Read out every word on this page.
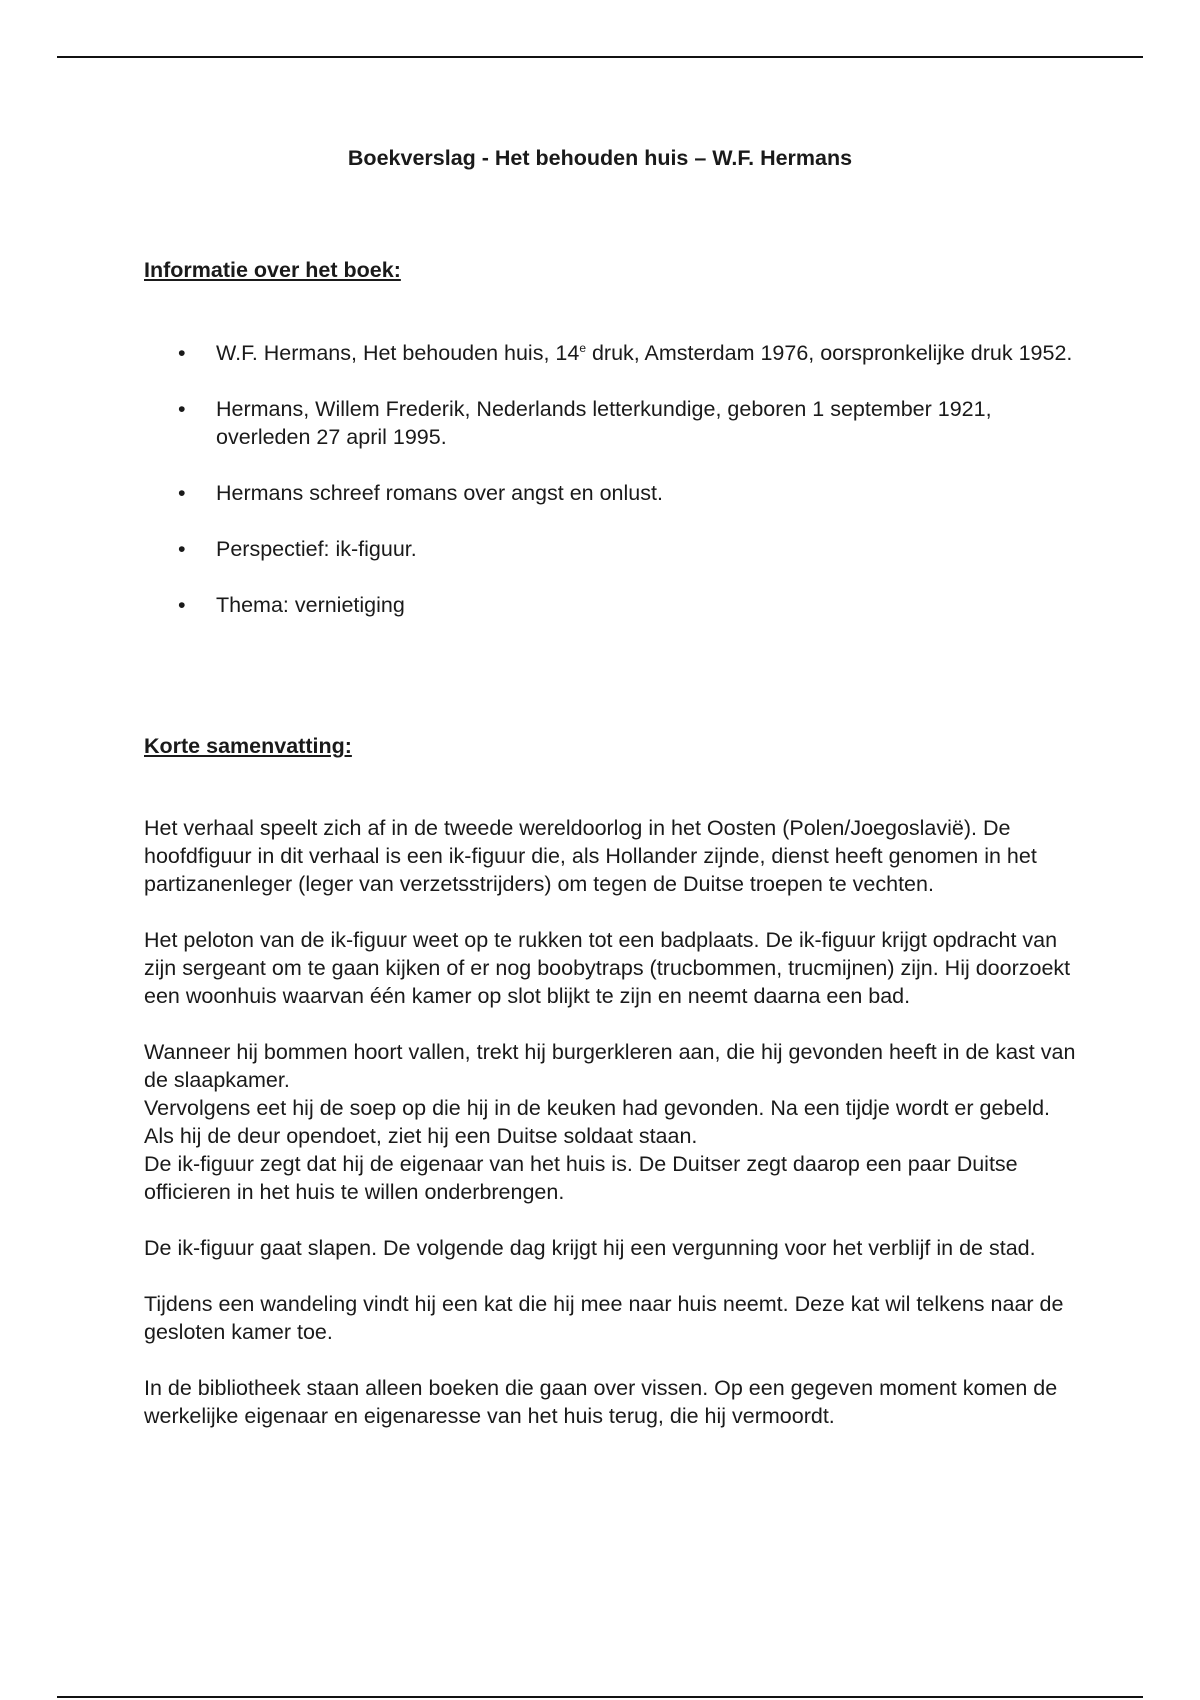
Boekverslag - Het behouden huis – W.F. Hermans
Informatie over het boek:
• W.F. Hermans, Het behouden huis, 14e druk, Amsterdam 1976, oorspronkelijke druk 1952.
• Hermans, Willem Frederik, Nederlands letterkundige, geboren 1 september 1921, overleden 27 april 1995.
• Hermans schreef romans over angst en onlust.
• Perspectief: ik-figuur.
• Thema: vernietiging
Korte samenvatting:

Het verhaal speelt zich af in de tweede wereldoorlog in het Oosten (Polen/Joegoslavië). De hoofdfiguur in dit verhaal is een ik-figuur die, als Hollander zijnde, dienst heeft genomen in het partizanenleger (leger van verzetsstrijders) om tegen de Duitse troepen te vechten.

Het peloton van de ik-figuur weet op te rukken tot een badplaats. De ik-figuur krijgt opdracht van zijn sergeant om te gaan kijken of er nog boobytraps (trucbommen, trucmijnen) zijn. Hij doorzoekt een woonhuis waarvan één kamer op slot blijkt te zijn en neemt daarna een bad.

Wanneer hij bommen hoort vallen, trekt hij burgerkleren aan, die hij gevonden heeft in de kast van de slaapkamer.
Vervolgens eet hij de soep op die hij in de keuken had gevonden. Na een tijdje wordt er gebeld.
Als hij de deur opendoet, ziet hij een Duitse soldaat staan.
De ik-figuur zegt dat hij de eigenaar van het huis is. De Duitser zegt daarop een paar Duitse officieren in het huis te willen onderbrengen.

De ik-figuur gaat slapen. De volgende dag krijgt hij een vergunning voor het verblijf in de stad.

Tijdens een wandeling vindt hij een kat die hij mee naar huis neemt. Deze kat wil telkens naar de gesloten kamer toe.

In de bibliotheek staan alleen boeken die gaan over vissen. Op een gegeven moment komen de werkelijke eigenaar en eigenaresse van het huis terug, die hij vermoordt.
